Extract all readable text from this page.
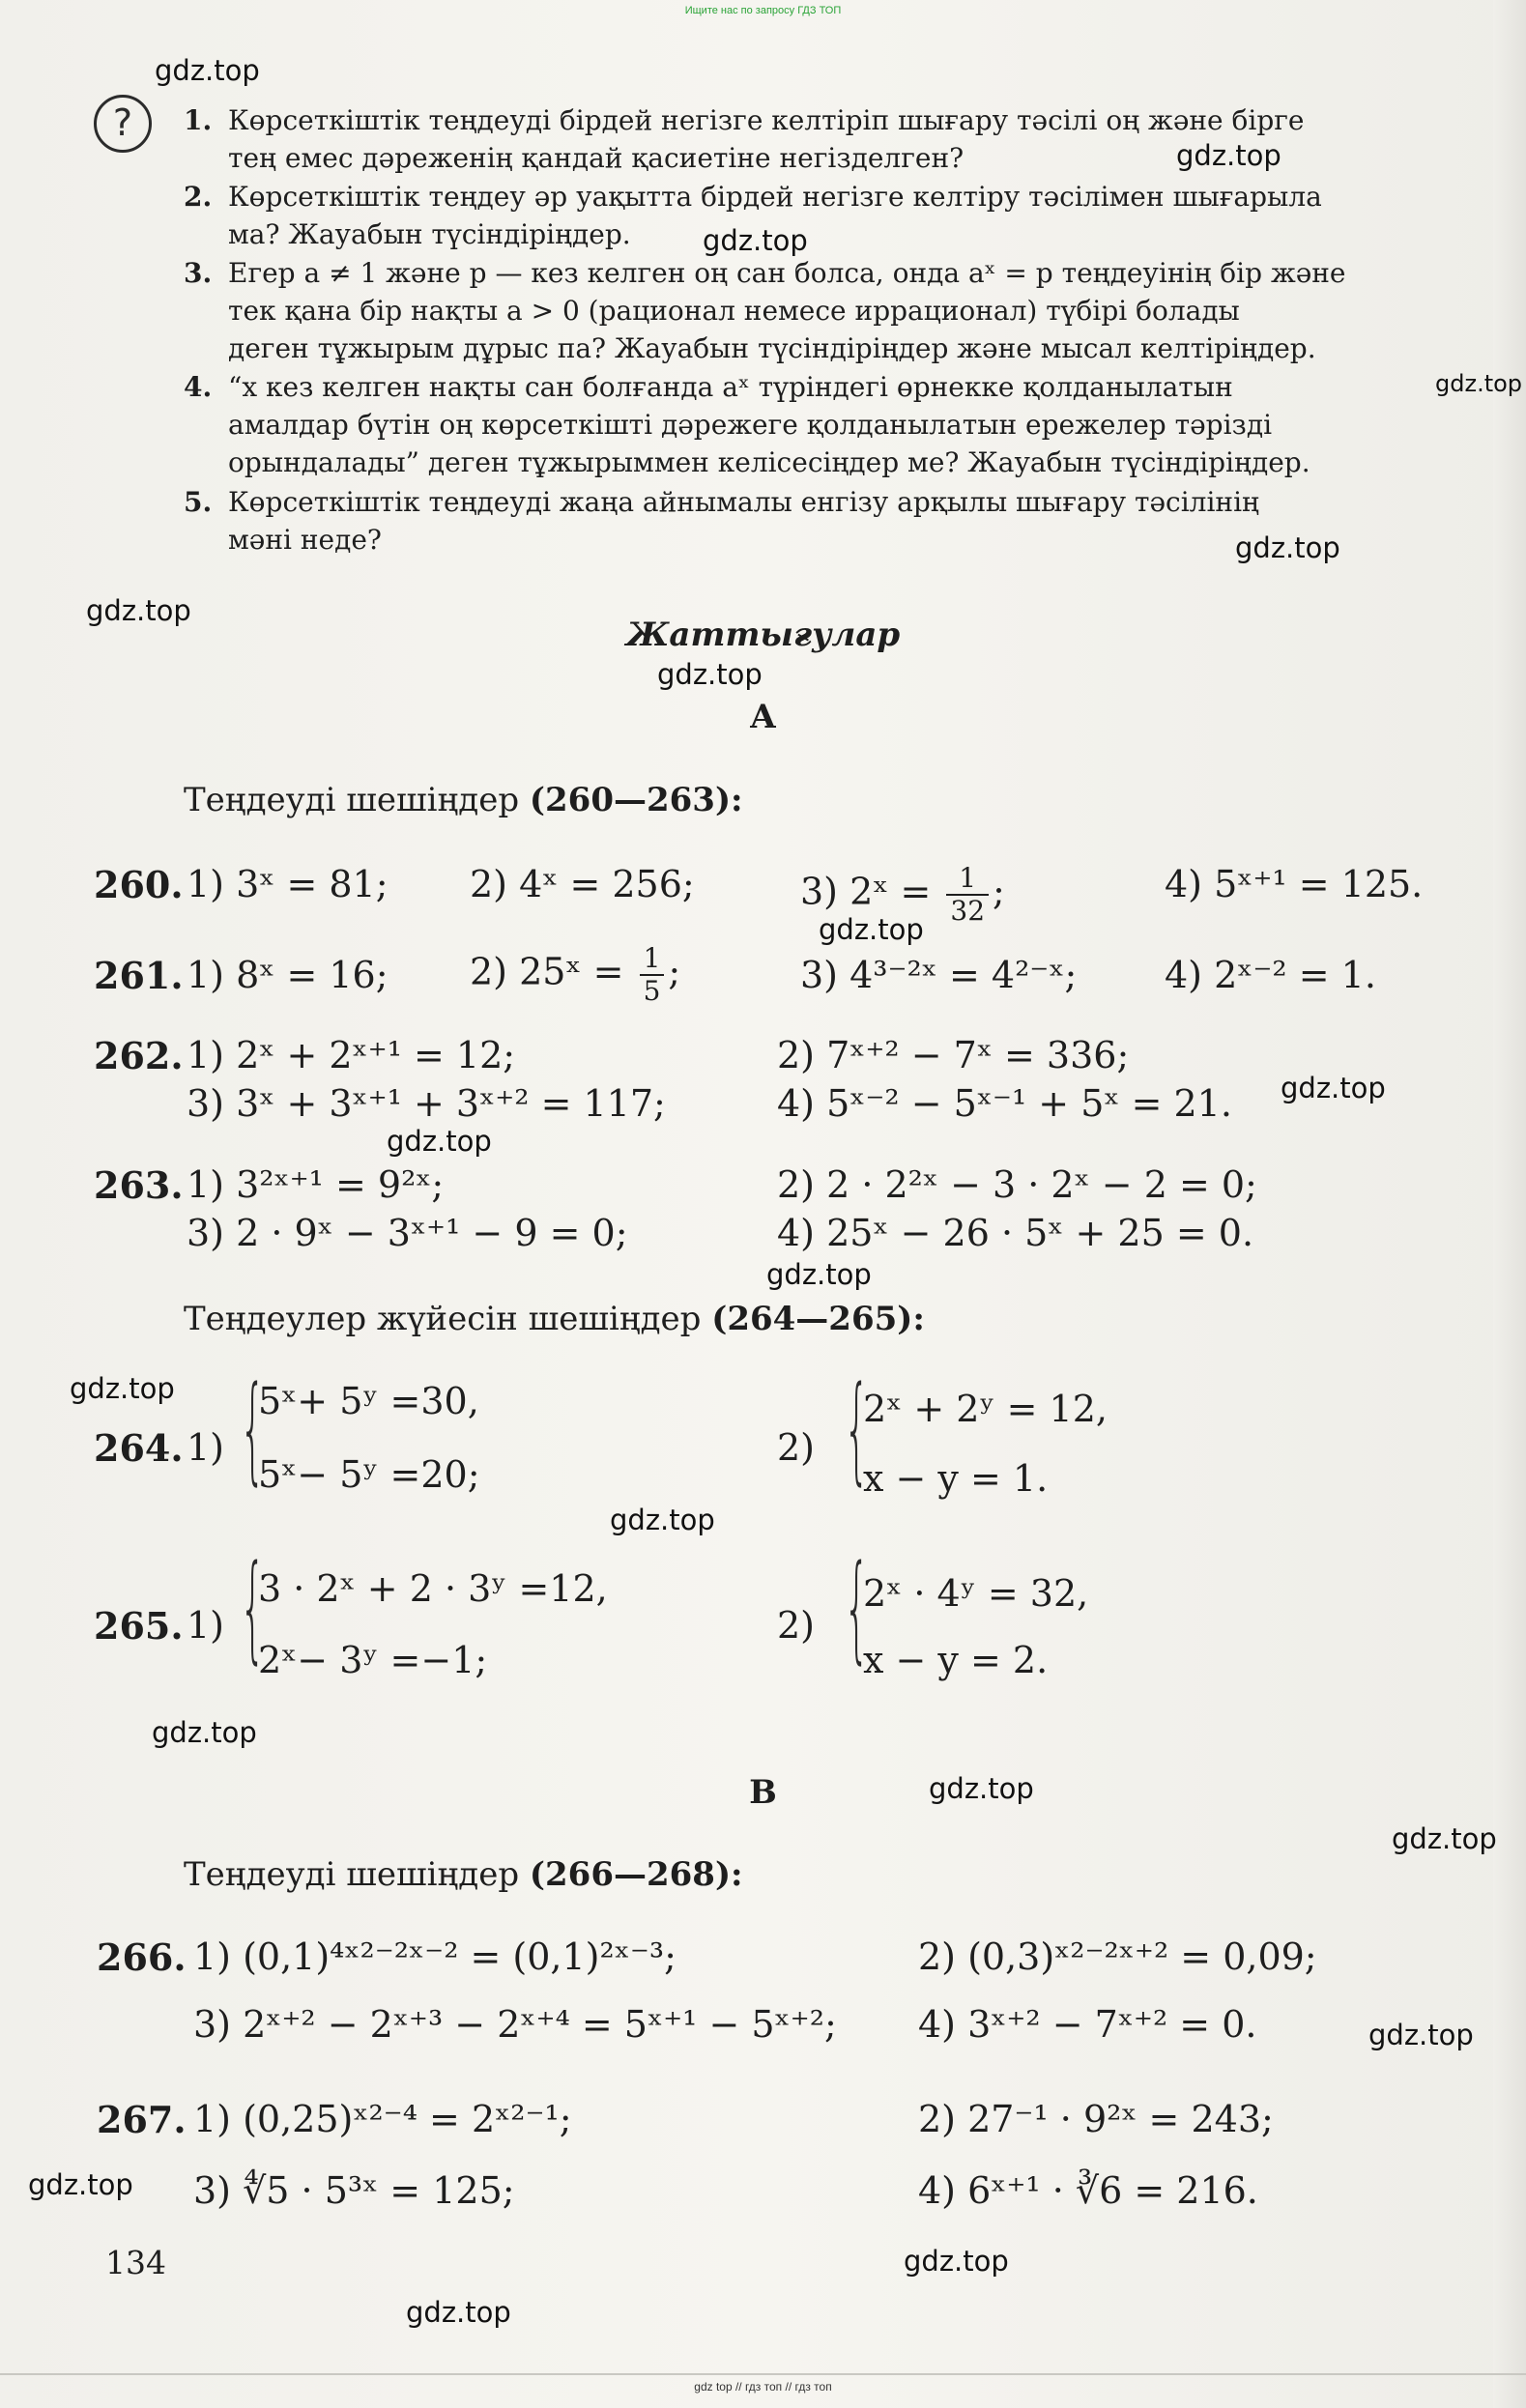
Ищите нас по запросу ГДЗ ТОП
gdz.top
gdz.top
gdz.top
gdz.top
gdz.top
gdz.top
gdz.top
gdz.top
gdz.top
gdz.top
gdz.top
gdz.top
gdz.top
gdz.top
gdz.top
gdz.top
gdz.top
gdz.top
gdz.top
gdz.top
?	1. Көрсеткіштік теңдеуді бірдей негізге келтіріп шығару тәсілі оң және бірге
тең емес дәреженің қандай қасиетіне негізделген?
2. Көрсеткіштік теңдеу әр уақытта бірдей негізге келтіру тәсілімен шығарыла
ма? Жауабын түсіндіріңдер.
3. Егер a ≠ 1 және p — кез келген оң сан болса, онда aˣ = p теңдеуінің бір және
тек қана бір нақты a > 0 (рационал немесе иррационал) түбірі болады
деген тұжырым дұрыс па? Жауабын түсіндіріңдер және мысал келтіріңдер.
4. “x кез келген нақты сан болғанда aˣ түріндегі өрнекке қолданылатын
амалдар бүтін оң көрсеткішті дәрежеге қолданылатын ережелер тәрізді
орындалады” деген тұжырыммен келісесіңдер ме? Жауабын түсіндіріңдер.
5. Көрсеткіштік теңдеуді жаңа айнымалы енгізу арқылы шығару тәсілінің
мәні неде?
Жаттығулар
A
Теңдеуді шешіңдер (260—263):
260. 1) 3ˣ = 81; 2) 4ˣ = 256;	3) 2ˣ = $\frac{1}{32}$ ;	4) 5ˣ⁺¹ = 125.
261. 1) 8ˣ = 16; 2) 25ˣ = $\frac{1}{5}$ ;	3) 4³⁻²ˣ = 4²⁻ˣ; 4) 2ˣ⁻² = 1.
262. 1) 2ˣ + 2ˣ⁺¹ = 12;	2) 7ˣ⁺² − 7ˣ = 336;
3) 3ˣ + 3ˣ⁺¹ + 3ˣ⁺² = 117;	4) 5ˣ⁻² − 5ˣ⁻¹ + 5ˣ = 21.
263. 1) 3²ˣ⁺¹ = 9²ˣ;	2) 2 · 2²ˣ − 3 · 2ˣ − 2 = 0;
3) 2 · 9ˣ − 3ˣ⁺¹ − 9 = 0;	4) 25ˣ − 26 · 5ˣ + 25 = 0.
Теңдеулер жүйесін шешіңдер (264—265):
264. 1) {
5ˣ+ 5ʸ =30,
5ˣ− 5ʸ =20;
2) {
2ˣ + 2ʸ = 12,
x − y = 1.
265. 1) {
3 · 2ˣ + 2 · 3ʸ =12,
2ˣ− 3ʸ =−1;
2) {
2ˣ · 4ʸ = 32,
x − y = 2.
B
Теңдеуді шешіңдер (266—268):
266. 1) (0,1)⁴ˣ²⁻²ˣ⁻² = (0,1)²ˣ⁻³;	2) (0,3)ˣ²⁻²ˣ⁺² = 0,09;
3) 2ˣ⁺² − 2ˣ⁺³ − 2ˣ⁺⁴ = 5ˣ⁺¹ − 5ˣ⁺²; 4) 3ˣ⁺² − 7ˣ⁺² = 0.
267. 1) (0,25)ˣ²⁻⁴ = 2ˣ²⁻¹;	2) 27⁻¹ · 9²ˣ = 243;
3) ∜5 · 5³ˣ = 125;	4) 6ˣ⁺¹ · ∛6 = 216.
134
gdz top // гдз топ // гдз топ
